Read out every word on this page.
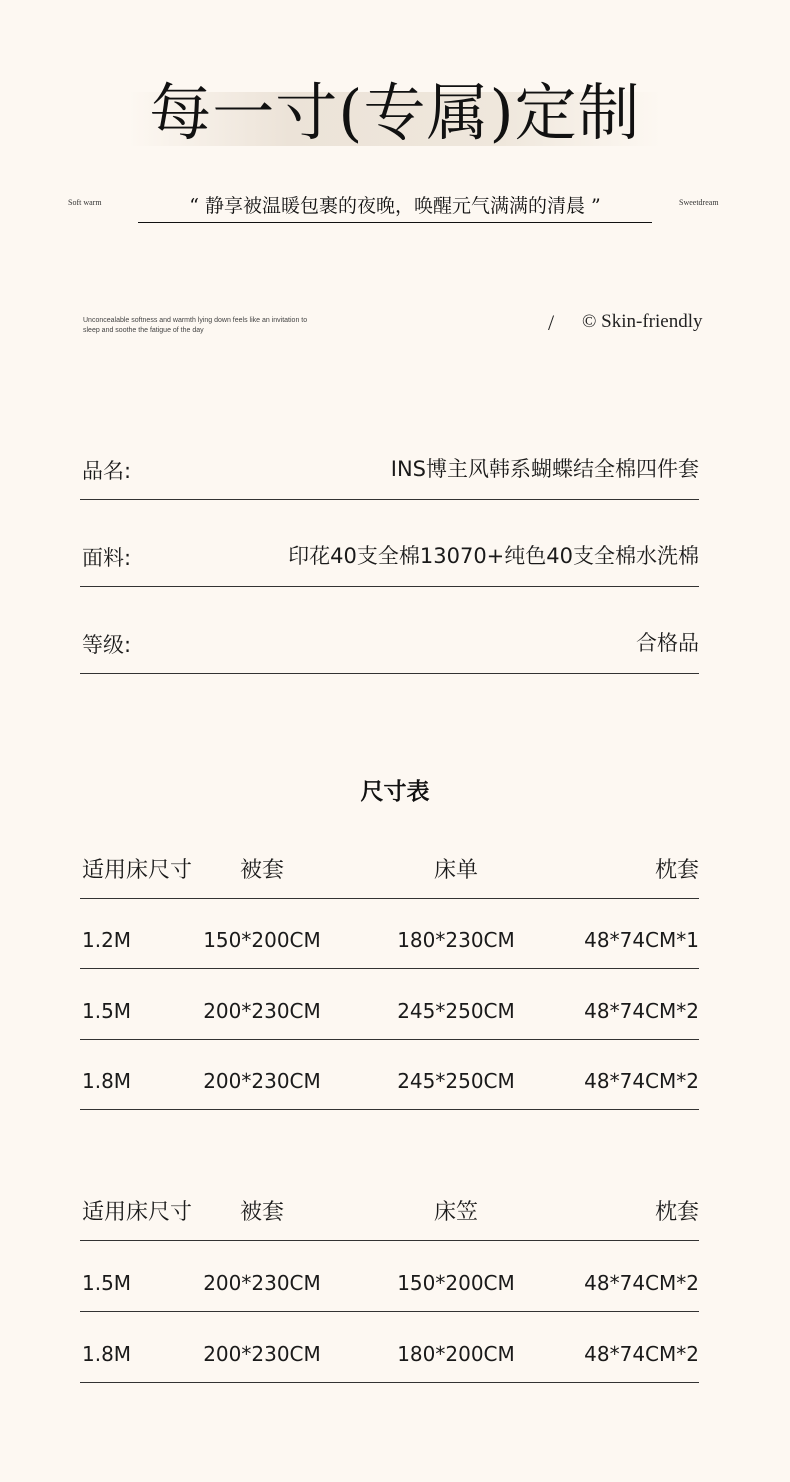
每一寸(专属)定制
Soft warm	“ 静享被温暖包裹的夜晚，唤醒元气满满的清晨 ”	Sweetdream
Unconcealable softness and warmth lying down feels like an invitation to
sleep and soothe the fatigue of the day	/ © Skin-friendly
品名:	INS博主风韩系蝴蝶结全棉四件套
面料:	印花40支全棉13070+纯色40支全棉水洗棉
等级:	合格品
尺寸表
适用床尺寸 被套	床单	枕套
1.2M	150*200CM	180*230CM	48*74CM*1
1.5M	200*230CM	245*250CM	48*74CM*2
1.8M	200*230CM	245*250CM	48*74CM*2
适用床尺寸 被套	床笠	枕套
1.5M	200*230CM	150*200CM	48*74CM*2
1.8M	200*230CM	180*200CM	48*74CM*2
